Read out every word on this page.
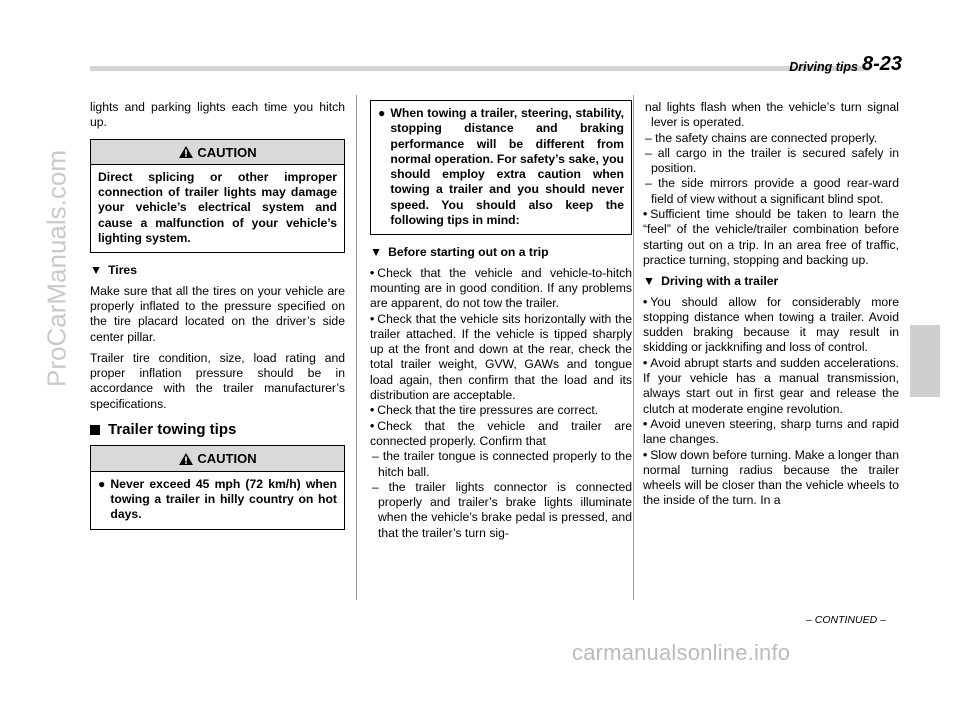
Driving tips 8-23
ProCarManuals.com
carmanualsonline.info

lights and parking lights each time you hitch up.

CAUTION
Direct splicing or other improper connection of trailer lights may damage your vehicle’s electrical system and cause a malfunction of your vehicle’s lighting system.
▼ Tires

Make sure that all the tires on your vehicle are properly inflated to the pressure specified on the tire placard located on the driver’s side center pillar.

Trailer tire condition, size, load rating and proper inflation pressure should be in accordance with the trailer manufacturer’s specifications.

Trailer towing tips
CAUTION
● Never exceed 45 mph (72 km/h) when towing a trailer in hilly country on hot days.
● When towing a trailer, steering, stability, stopping distance and braking performance will be different from normal operation. For safety’s sake, you should employ extra caution when towing a trailer and you should never speed. You should also keep the following tips in mind:
▼ Before starting out on a trip

• Check that the vehicle and vehicle-to-hitch mounting are in good condition. If any problems are apparent, do not tow the trailer.

• Check that the vehicle sits horizontally with the trailer attached. If the vehicle is tipped sharply up at the front and down at the rear, check the total trailer weight, GVW, GAWs and tongue load again, then confirm that the load and its distribution are acceptable.

• Check that the tire pressures are correct.

• Check that the vehicle and trailer are connected properly. Confirm that

– the trailer tongue is connected properly to the hitch ball.

– the trailer lights connector is connected properly and trailer’s brake lights illuminate when the vehicle’s brake pedal is pressed, and that the trailer’s turn sig-

nal lights flash when the vehicle’s turn signal lever is operated.

– the safety chains are connected properly.

– all cargo in the trailer is secured safely in position.

– the side mirrors provide a good rear-ward field of view without a significant blind spot.

• Sufficient time should be taken to learn the “feel” of the vehicle/trailer combination before starting out on a trip. In an area free of traffic, practice turning, stopping and backing up.

▼ Driving with a trailer

• You should allow for considerably more stopping distance when towing a trailer. Avoid sudden braking because it may result in skidding or jackknifing and loss of control.

• Avoid abrupt starts and sudden accelerations. If your vehicle has a manual transmission, always start out in first gear and release the clutch at moderate engine revolution.

• Avoid uneven steering, sharp turns and rapid lane changes.

• Slow down before turning. Make a longer than normal turning radius because the trailer wheels will be closer than the vehicle wheels to the inside of the turn. In a

– CONTINUED –
